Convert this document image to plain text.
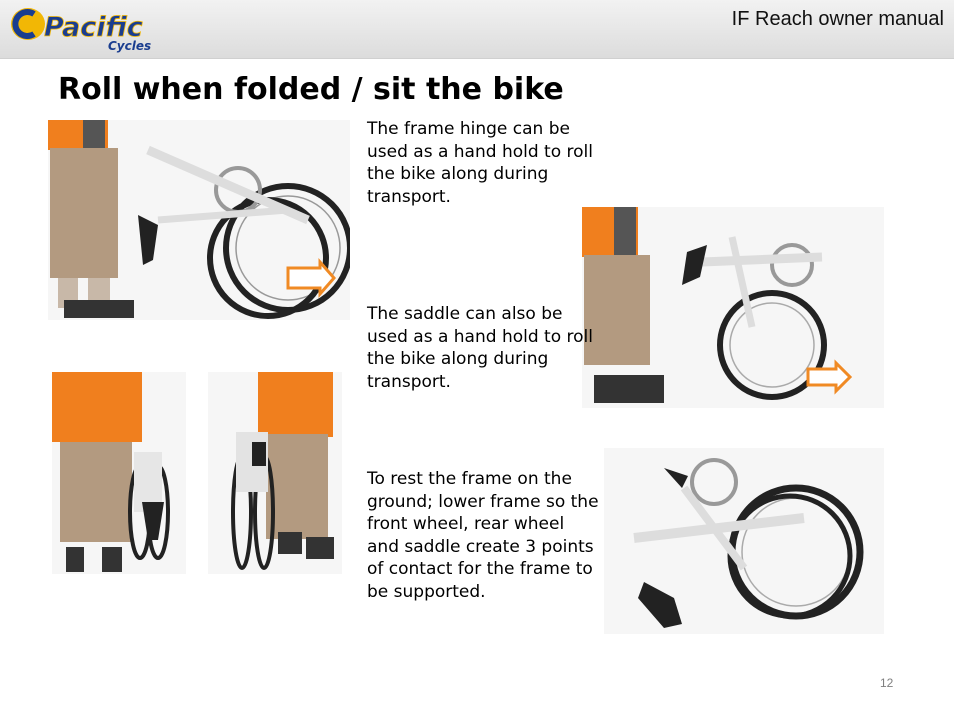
Pacific
Cycles
IF Reach owner manual
Roll when folded / sit the bike

The frame hinge can be used as a hand hold to roll the bike along during transport.

The saddle can also be used as a hand hold to roll the bike along during transport.

To rest the frame on the ground; lower frame so the front wheel, rear wheel and saddle create 3 points of contact for the frame to be supported.

12
